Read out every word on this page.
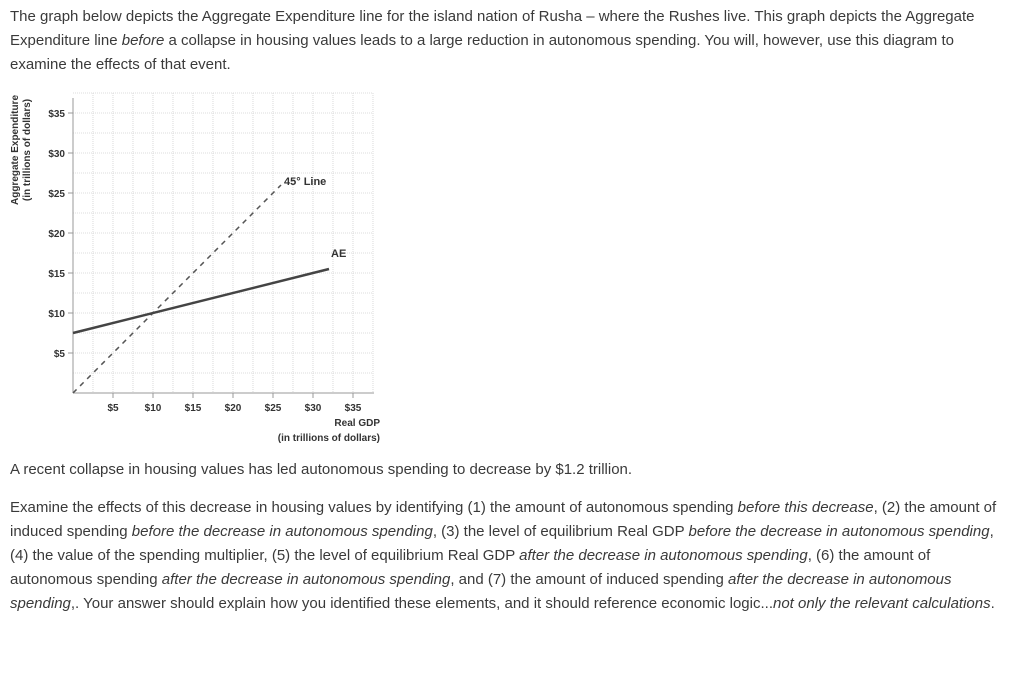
The graph below depicts the Aggregate Expenditure line for the island nation of Rusha – where the Rushes live. This graph depicts the Aggregate Expenditure line before a collapse in housing values leads to a large reduction in autonomous spending. You will, however, use this diagram to examine the effects of that event.

$5	$10 $15 $20 $25 $30 $35
$5
$10
$15
$20
$25
$30
$35
45° Line
AE
Real GDP
(in trillions of dollars)
Aggregate Expenditure (in trillions of dollars)

A recent collapse in housing values has led autonomous spending to decrease by $1.2 trillion.

Examine the effects of this decrease in housing values by identifying (1) the amount of autonomous spending before this decrease, (2) the amount of induced spending before the decrease in autonomous spending, (3) the level of equilibrium Real GDP before the decrease in autonomous spending, (4) the value of the spending multiplier, (5) the level of equilibrium Real GDP after the decrease in autonomous spending, (6) the amount of autonomous spending after the decrease in autonomous spending, and (7) the amount of induced spending after the decrease in autonomous spending,. Your answer should explain how you identified these elements, and it should reference economic logic...not only the relevant calculations.
